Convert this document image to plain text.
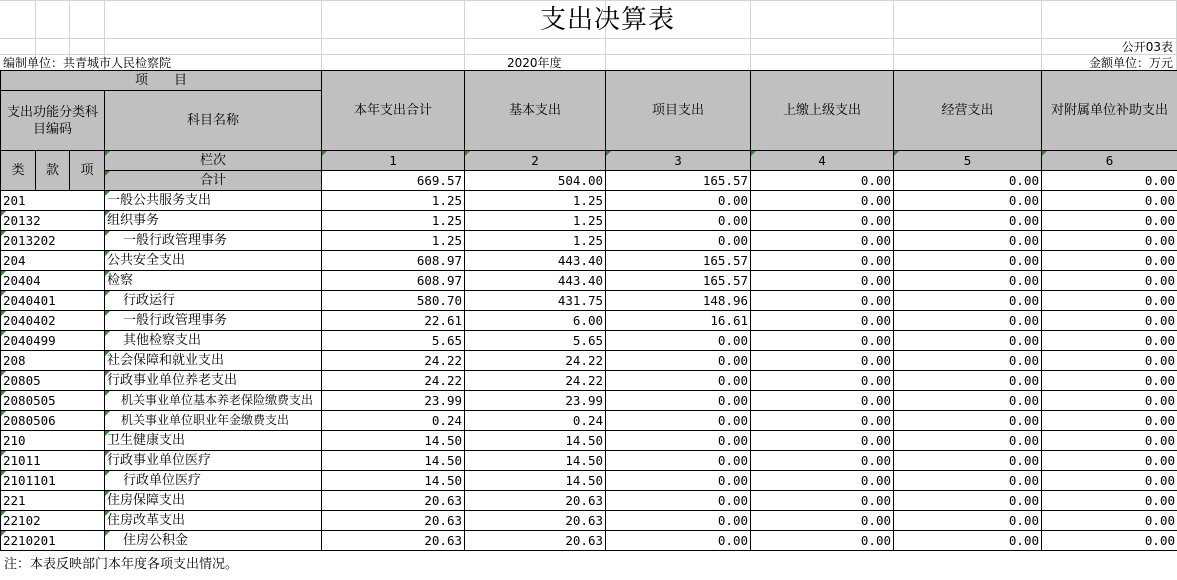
支出决算表
公开03表
编制单位：共青城市人民检察院	2020年度	金额单位：万元
项　　目				本年支出合计	基本支出	项目支出	上缴上级支出	经营支出	对附属单位补助支出
支出功能分类科目编码			科目名称						
类	款	项	栏次	1	2	3	4	5	6
			合计	669.57	504.00	165.57	0.00	0.00	0.00
201			一般公共服务支出	1.25	1.25	0.00	0.00	0.00	0.00
20132			组织事务	1.25	1.25	0.00	0.00	0.00	0.00
2013202			一般行政管理事务	1.25	1.25	0.00	0.00	0.00	0.00
204			公共安全支出	608.97	443.40	165.57	0.00	0.00	0.00
20404			检察	608.97	443.40	165.57	0.00	0.00	0.00
2040401			行政运行	580.70	431.75	148.96	0.00	0.00	0.00
2040402			一般行政管理事务	22.61	6.00	16.61	0.00	0.00	0.00
2040499			其他检察支出	5.65	5.65	0.00	0.00	0.00	0.00
208			社会保障和就业支出	24.22	24.22	0.00	0.00	0.00	0.00
20805			行政事业单位养老支出	24.22	24.22	0.00	0.00	0.00	0.00
2080505			机关事业单位基本养老保险缴费支出	23.99	23.99	0.00	0.00	0.00	0.00
2080506			机关事业单位职业年金缴费支出	0.24	0.24	0.00	0.00	0.00	0.00
210			卫生健康支出	14.50	14.50	0.00	0.00	0.00	0.00
21011			行政事业单位医疗	14.50	14.50	0.00	0.00	0.00	0.00
2101101			行政单位医疗	14.50	14.50	0.00	0.00	0.00	0.00
221			住房保障支出	20.63	20.63	0.00	0.00	0.00	0.00
22102			住房改革支出	20.63	20.63	0.00	0.00	0.00	0.00
2210201			住房公积金	20.63	20.63	0.00	0.00	0.00	0.00
注：本表反映部门本年度各项支出情况。
